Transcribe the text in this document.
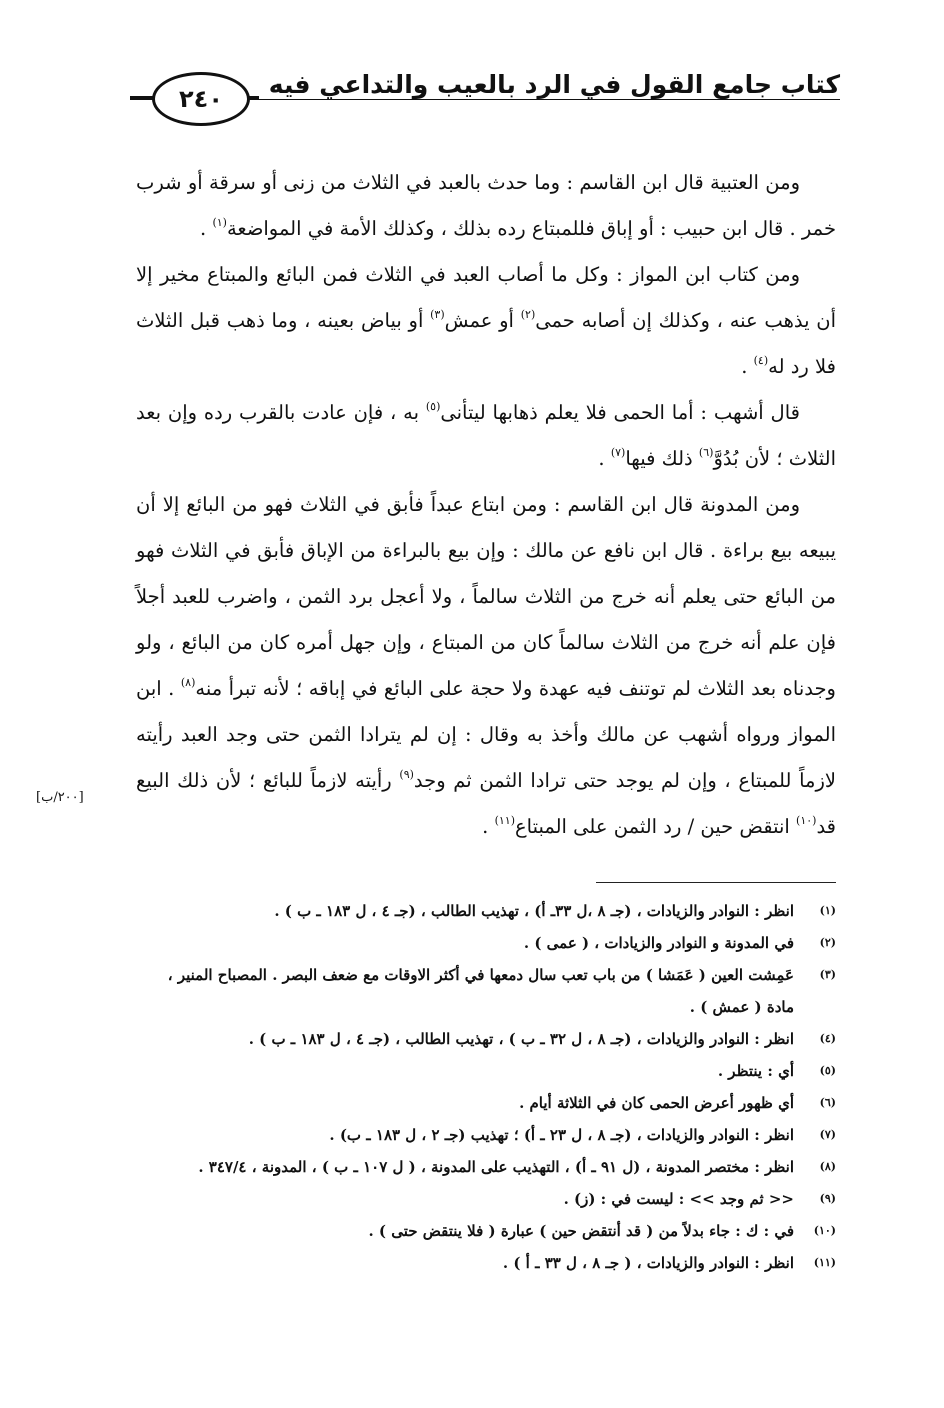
كتاب جامع القول في الرد بالعيب والتداعي فيه
٢٤٠

ومن العتبية قال ابن القاسم : وما حدث بالعبد في الثلاث من زنى أو سرقة أو شرب خمر . قال ابن حبيب : أو إباق فللمبتاع رده بذلك ، وكذلك الأمة في المواضعة$^{(١)}$ .

ومن كتاب ابن المواز : وكل ما أصاب العبد في الثلاث فمن البائع والمبتاع مخير إلا أن يذهب عنه ، وكذلك إن أصابه حمى$^{(٢)}$ أو عمش$^{(٣)}$ أو بياض بعينه ، وما ذهب قبل الثلاث فلا رد له$^{(٤)}$ .

قال أشهب : أما الحمى فلا يعلم ذهابها ليتأنى$^{(٥)}$ به ، فإن عادت بالقرب رده وإن بعد الثلاث ؛ لأن بُدُوَّ$^{(٦)}$ ذلك فيها$^{(٧)}$ .

ومن المدونة قال ابن القاسم : ومن ابتاع عبداً فأبق في الثلاث فهو من البائع إلا أن يبيعه بيع براءة . قال ابن نافع عن مالك : وإن بيع بالبراءة من الإباق فأبق في الثلاث فهو من البائع حتى يعلم أنه خرج من الثلاث سالماً ، ولا أعجل برد الثمن ، واضرب للعبد أجلاً فإن علم أنه خرج من الثلاث سالماً كان من المبتاع ، وإن جهل أمره كان من البائع ، ولو وجدناه بعد الثلاث لم توتنف فيه عهدة ولا حجة على البائع في إباقه ؛ لأنه تبرأ منه$^{(٨)}$ . ابن المواز ورواه أشهب عن مالك وأخذ به وقال : إن لم يترادا الثمن حتى وجد العبد رأيته لازماً للمبتاع ، وإن لم يوجد حتى ترادا الثمن ثم وجد$^{(٩)}$ رأيته لازماً للبائع ؛ لأن ذلك البيع قد$^{(١٠)}$ انتقض حين / رد الثمن على المبتاع$^{(١١)}$ .

[٢٠٠/ب]
(١)
انظر : النوادر والزيادات ، (جـ ٨ ،ل ٣٣ـ أ) ، تهذيب الطالب ، (جـ ٤ ، ل ١٨٣ ـ ب ) .
(٢)
في المدونة و النوادر والزيادات ، ( عمى ) .
(٣)
عَمِشت العين ( عَمَشا ) من باب تعب سال دمعها في أكثر الاوقات مع ضعف البصر . المصباح المنير ، مادة ( عمش ) .
(٤)
انظر : النوادر والزيادات ، (جـ ٨ ، ل ٣٢ ـ ب ) ، تهذيب الطالب ، (جـ ٤ ، ل ١٨٣ ـ ب ) .
(٥)
أي : ينتظر .
(٦)
أي ظهور أعرض الحمى كان في الثلاثة أيام .
(٧)
انظر : النوادر والزيادات ، (جـ ٨ ، ل ٢٣ ـ أ) ؛ تهذيب (جـ ٢ ، ل ١٨٣ ـ ب) .
(٨)
انظر : مختصر المدونة ، (ل ٩١ ـ أ) ، التهذيب على المدونة ، ( ل ١٠٧ ـ ب ) ، المدونة ، ٣٤٧/٤ .
(٩)
<< ثم وجد >> : ليست في : (ز) .
(١٠)
في : ك : جاء بدلاً من ( قد أنتقض حين ) عبارة ( فلا ينتقض حتى ) .
(١١)
انظر : النوادر والزيادات ، ( جـ ٨ ، ل ٣٣ ـ أ ) .
